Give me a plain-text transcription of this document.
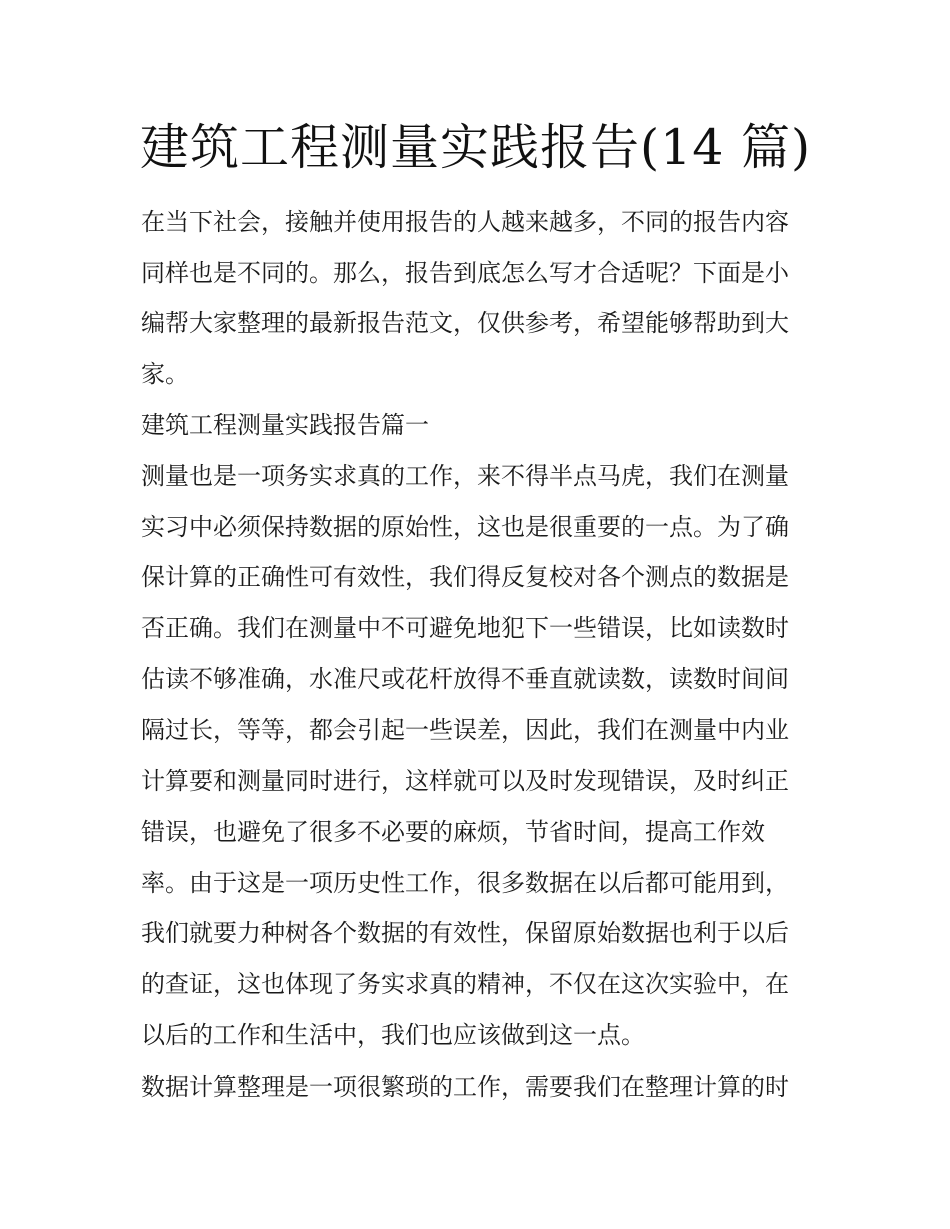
建筑工程测量实践报告(14 篇)
在当下社会，接触并使用报告的人越来越多，不同的报告内容
同样也是不同的。那么，报告到底怎么写才合适呢？下面是小
编帮大家整理的最新报告范文，仅供参考，希望能够帮助到大
家。
建筑工程测量实践报告篇一
测量也是一项务实求真的工作，来不得半点马虎，我们在测量
实习中必须保持数据的原始性，这也是很重要的一点。为了确
保计算的正确性可有效性，我们得反复校对各个测点的数据是
否正确。我们在测量中不可避免地犯下一些错误，比如读数时
估读不够准确，水准尺或花杆放得不垂直就读数，读数时间间
隔过长，等等，都会引起一些误差，因此，我们在测量中内业
计算要和测量同时进行，这样就可以及时发现错误，及时纠正
错误，也避免了很多不必要的麻烦，节省时间，提高工作效
率。由于这是一项历史性工作，很多数据在以后都可能用到，
我们就要力种树各个数据的有效性，保留原始数据也利于以后
的查证，这也体现了务实求真的精神，不仅在这次实验中，在
以后的工作和生活中，我们也应该做到这一点。
数据计算整理是一项很繁琐的工作，需要我们在整理计算的时
